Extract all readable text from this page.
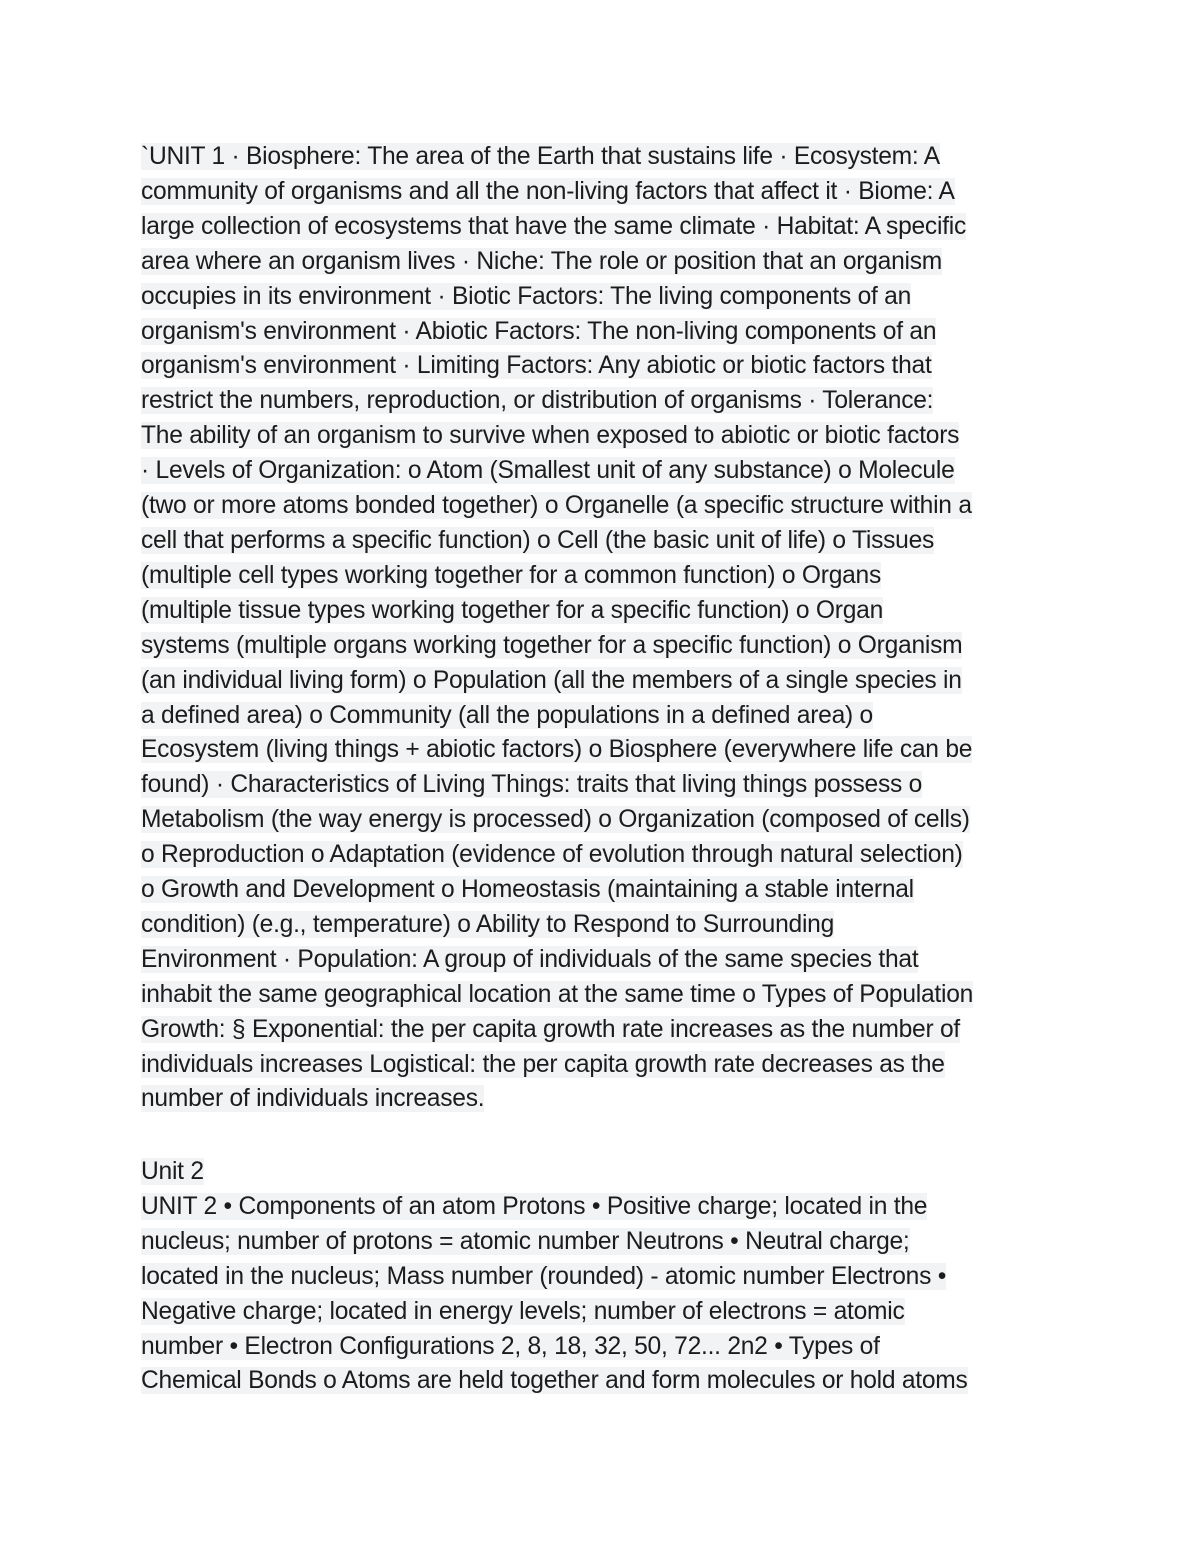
`UNIT 1 · Biosphere: The area of the Earth that sustains life · Ecosystem: A
community of organisms and all the non-living factors that affect it · Biome: A
large collection of ecosystems that have the same climate · Habitat: A specific
area where an organism lives · Niche: The role or position that an organism
occupies in its environment · Biotic Factors: The living components of an
organism's environment · Abiotic Factors: The non-living components of an
organism's environment · Limiting Factors: Any abiotic or biotic factors that
restrict the numbers, reproduction, or distribution of organisms · Tolerance:
The ability of an organism to survive when exposed to abiotic or biotic factors
· Levels of Organization: o Atom (Smallest unit of any substance) o Molecule
(two or more atoms bonded together) o Organelle (a specific structure within a
cell that performs a specific function) o Cell (the basic unit of life) o Tissues
(multiple cell types working together for a common function) o Organs
(multiple tissue types working together for a specific function) o Organ
systems (multiple organs working together for a specific function) o Organism
(an individual living form) o Population (all the members of a single species in
a defined area) o Community (all the populations in a defined area) o
Ecosystem (living things + abiotic factors) o Biosphere (everywhere life can be
found) · Characteristics of Living Things: traits that living things possess o
Metabolism (the way energy is processed) o Organization (composed of cells)
o Reproduction o Adaptation (evidence of evolution through natural selection)
o Growth and Development o Homeostasis (maintaining a stable internal
condition) (e.g., temperature) o Ability to Respond to Surrounding
Environment · Population: A group of individuals of the same species that
inhabit the same geographical location at the same time o Types of Population
Growth: § Exponential: the per capita growth rate increases as the number of
individuals increases Logistical: the per capita growth rate decreases as the
number of individuals increases.
Unit 2
UNIT 2 • Components of an atom Protons • Positive charge; located in the
nucleus; number of protons = atomic number Neutrons • Neutral charge;
located in the nucleus; Mass number (rounded) - atomic number Electrons •
Negative charge; located in energy levels; number of electrons = atomic
number • Electron Configurations 2, 8, 18, 32, 50, 72... 2n2 • Types of
Chemical Bonds o Atoms are held together and form molecules or hold atoms
